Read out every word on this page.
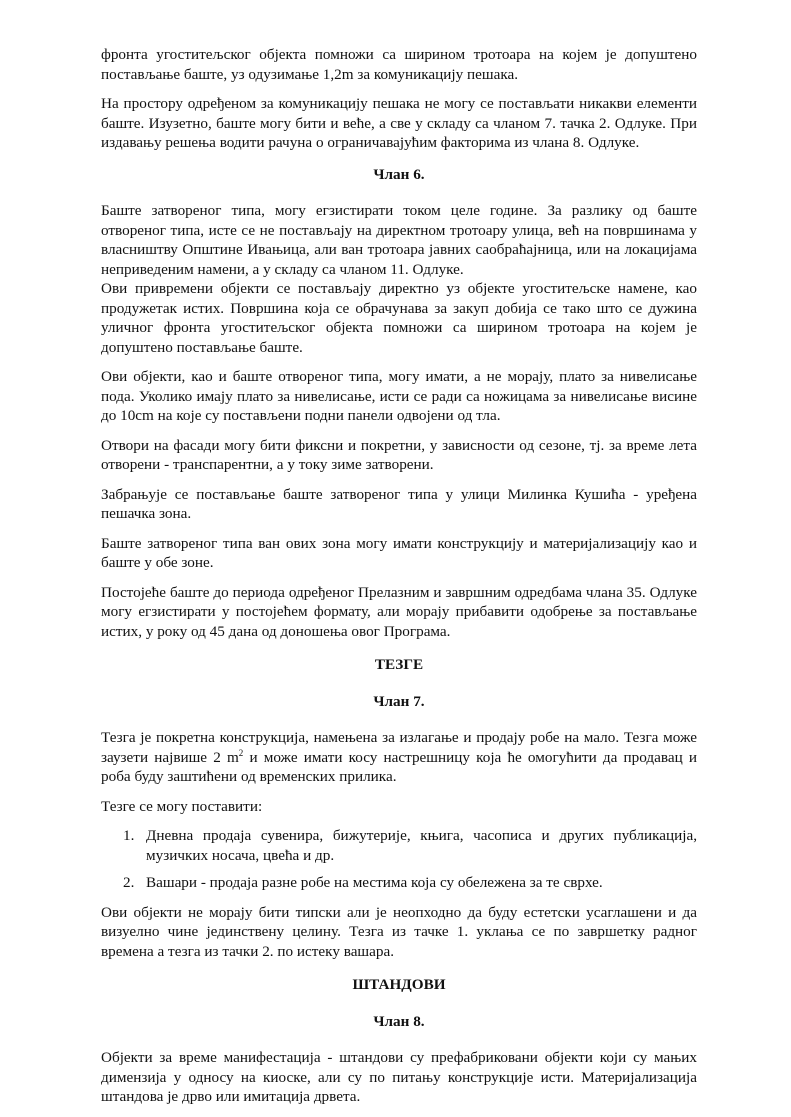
фронта угоститељског објекта помножи са ширином тротоара на којем је допуштено постављање баште, уз одузимање 1,2m за комуникацију пешака.

На простору одређеном за комуникацију пешака не могу се постављати никакви елементи баште. Изузетно, баште могу бити и веће, а све у складу са чланом 7. тачка 2. Одлуке. При издавању решења водити рачуна о ограничавајућим факторима из члана 8. Одлуке.

Члан 6.

Баште затвореног типа, могу егзистирати током целе године. За разлику од баште отвореног типа, исте се не постављају на директном тротоару улица, већ на површинама у власништву Општине Ивањица, али ван тротоара јавних саобраћајница, или на локацијама неприведеним намени, а у складу са чланом 11. Одлуке.

Ови привремени објекти се постављају директно уз објекте угоститељске намене, као продужетак истих. Површина која се обрачунава за закуп добија се тако што се дужина уличног фронта угоститељског објекта помножи са ширином тротоара на којем је допуштено постављање баште.

Ови објекти, као и баште отвореног типа, могу имати, а не морају, плато за нивелисање пода. Уколико имају плато за нивелисање, исти се ради са ножицама за нивелисање висине до 10cm на које су постављени подни панели одвојени од тла.

Отвори на фасади могу бити фиксни и покретни, у зависности од сезоне, тј. за време лета отворени - транспарентни, а у току зиме затворени.

Забрањује се постављање баште затвореног типа у улици Милинка Кушића - уређена пешачка зона.

Баште затвореног типа ван ових зона могу имати конструкцију и материјализацију као и баште у обе зоне.

Постојеће баште до периода одређеног Прелазним и завршним одредбама члана 35. Одлуке могу егзистирати у постојећем формату, али морају прибавити одобрење за постављање истих, у року од 45 дана од доношења овог Програма.

ТЕЗГЕ
Члан 7.

Тезга је покретна конструкција, намењена за излагање и продају робе на мало. Тезга може заузети највише 2 $m^2$ и може имати косу настрешницу која ће омогућити да продавац и роба буду заштићени од временских прилика.

Тезге се могу поставити:

1. Дневна продаја сувенира, бижутерије, књига, часописа и других публикација, музичких носача, цвећа и др.
2. Вашари - продаја разне робе на местима која су обележена за те сврхе.

Ови објекти не морају бити типски али је неопходно да буду естетски усаглашени и да визуелно чине јединствену целину. Тезга из тачке 1. уклања се по завршетку радног времена а тезга из тачки 2. по истеку вашара.

ШТАНДОВИ
Члан 8.

Објекти за време манифестација - штандови су префабриковани објекти који су мањих димензија у односу на киоске, али су по питању конструкције исти. Материјализација штандова је дрво или имитација дрвета.
